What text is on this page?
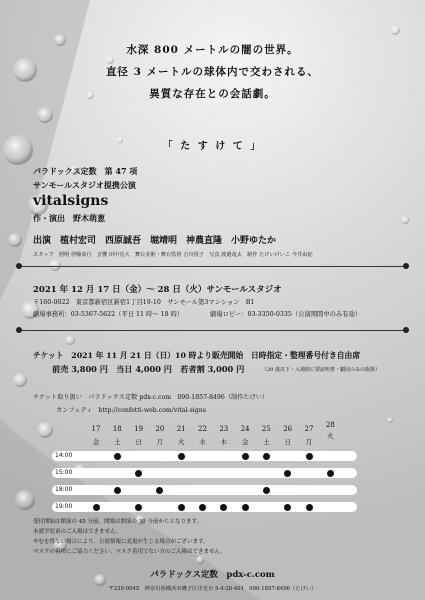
水深 800 メートルの闇の世界。
直径 3 メートルの球体内で交わされる、
異質な存在との会話劇。
「 た す け て 」
パラドックス定数　第 47 項
サンモールスタジオ提携公演
vitalsigns
作・演出　野木萌葱
出演　植村宏司　西原誠吾　堀靖明　神農直隆　小野ゆたか
スタッフ　照明 伊藤泰行　音響 田中亮大　舞台美術・舞台監督 吉川悦子　写真 渡邉竜太　制作 たけいけいこ 今井由紀
2021 年 12 月 17 日（金）～ 28 日（火）サンモールスタジオ
〒160-0022　東京都新宿区新宿1丁目19-10　サンモール第3マンション　B1
劇場事務所：03-5367-5622（平日 11 時～ 18 時）	劇場ロビー：03-3350-0335（公演期間中のみ有効）
チケット　2021 年 11 月 21 日（日）10 時より販売開始　日時指定・整理番号付き自由席
前売 3,800 円　当日 4,000 円　若者割 3,000 円	（20 歳以下・入場時に要証明書・劇団のみの取扱）
チケット取り扱い　パラドックス定数 pdx-c.com　090-1857-8496（制作たけい）
カンフェティ　http://confetti-web.com/vital-signs
17
金
18
土
19
日
20
月
21
火
22
水
23
木
24
金
25
土
26
日
27
月
28
火
14:00
15:00
18:00
19:00
受付開始は開演の 45 分前、開場は開演の 30 分前からとなります。
未就学児童のご入場はできません。
やむを得ない場合により、公演情報に変更が生じる場合がございます。
マスクの着用にご協力ください。マスク着用でない方のご入場はできません。
パラドックス定数　pdx-c.com
〒235-0045　神奈川県横浜市磯子区洋光台 5-4-28-401　090-1857-8496（たけい）
